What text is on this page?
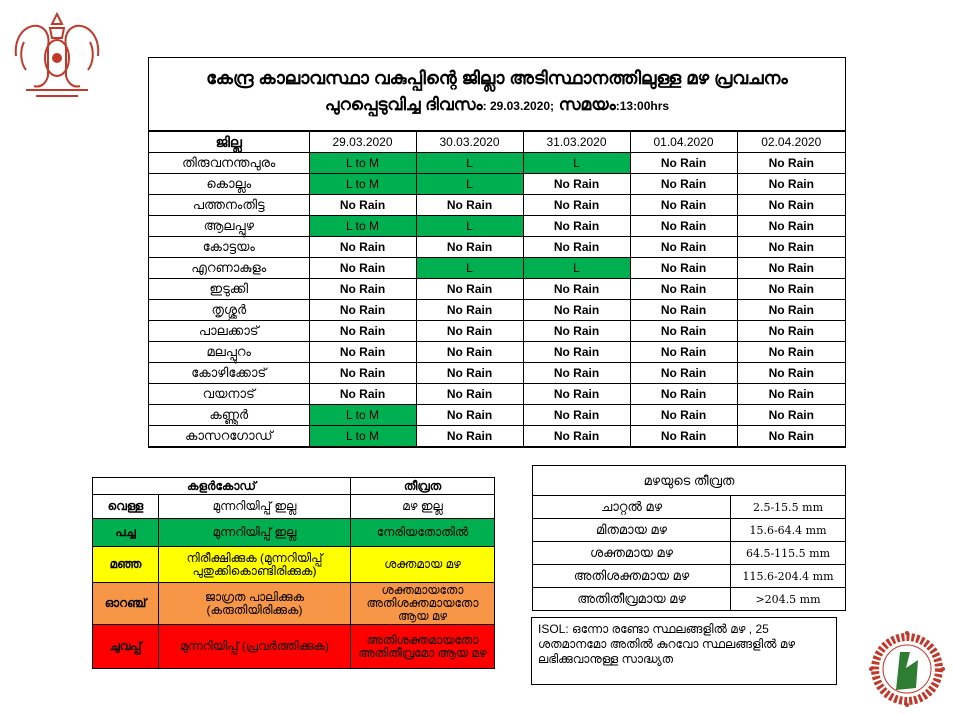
കേന്ദ്ര കാലാവസ്ഥാ വകുപ്പിന്റെ ജില്ലാ അടിസ്ഥാനത്തിലുള്ള മഴ പ്രവചനം
പുറപ്പെടുവിച്ച ദിവസം: 29.03.2020; സമയം:13:00hrs
ജില്ല	29.03.2020	30.03.2020	31.03.2020	01.04.2020	02.04.2020
തിരുവനന്തപുരം	L to M	L	L	No Rain	No Rain
കൊല്ലം	L to M	L	No Rain	No Rain	No Rain
പത്തനംതിട്ട	No Rain	No Rain	No Rain	No Rain	No Rain
ആലപ്പുഴ	L to M	L	No Rain	No Rain	No Rain
കോട്ടയം	No Rain	No Rain	No Rain	No Rain	No Rain
എറണാകുളം	No Rain	L	L	No Rain	No Rain
ഇടുക്കി	No Rain	No Rain	No Rain	No Rain	No Rain
തൃശ്ശൂർ	No Rain	No Rain	No Rain	No Rain	No Rain
പാലക്കാട്	No Rain	No Rain	No Rain	No Rain	No Rain
മലപ്പുറം	No Rain	No Rain	No Rain	No Rain	No Rain
കോഴിക്കോട്	No Rain	No Rain	No Rain	No Rain	No Rain
വയനാട്	No Rain	No Rain	No Rain	No Rain	No Rain
കണ്ണൂർ	L to M	No Rain	No Rain	No Rain	No Rain
കാസറഗോഡ്	L to M	No Rain	No Rain	No Rain	No Rain
കളർകോഡ്		തീവ്രത
വെള്ള	മുന്നറിയിപ്പ് ഇല്ല	മഴ ഇല്ല
പച്ച	മുന്നറിയിപ്പ് ഇല്ല	നേരിയതോതിൽ
മഞ്ഞ	നിരീക്ഷിക്കുക (മുന്നറിയിപ്പ് പുതുക്കികൊണ്ടിരിക്കുക)	ശക്തമായ മഴ
ഓറഞ്ച്	ജാഗ്രത പാലിക്കുക (കരുതിയിരിക്കുക)	ശക്തമായതോ അതിശക്തമായതോ ആയ മഴ
ചുവപ്പ്	മുന്നറിയിപ്പ് (പ്രവർത്തിക്കുക)	അതിശക്തമായതോ അതിതീവ്രമോ ആയ മഴ
മഴയുടെ തീവ്രത	
ചാറ്റൽ മഴ	2.5-15.5 mm
മിതമായ മഴ	15.6-64.4 mm
ശക്തമായ മഴ	64.5-115.5 mm
അതിശക്തമായ മഴ	115.6-204.4 mm
അതിതീവ്രമായ മഴ	>204.5 mm
ISOL: ഒന്നോ രണ്ടോ സ്ഥലങ്ങളിൽ മഴ , 25 ശതമാനമോ അതിൽ കുറവോ സ്ഥലങ്ങളിൽ മഴ ലഭിക്കുവാനുള്ള സാദ്ധ്യത
